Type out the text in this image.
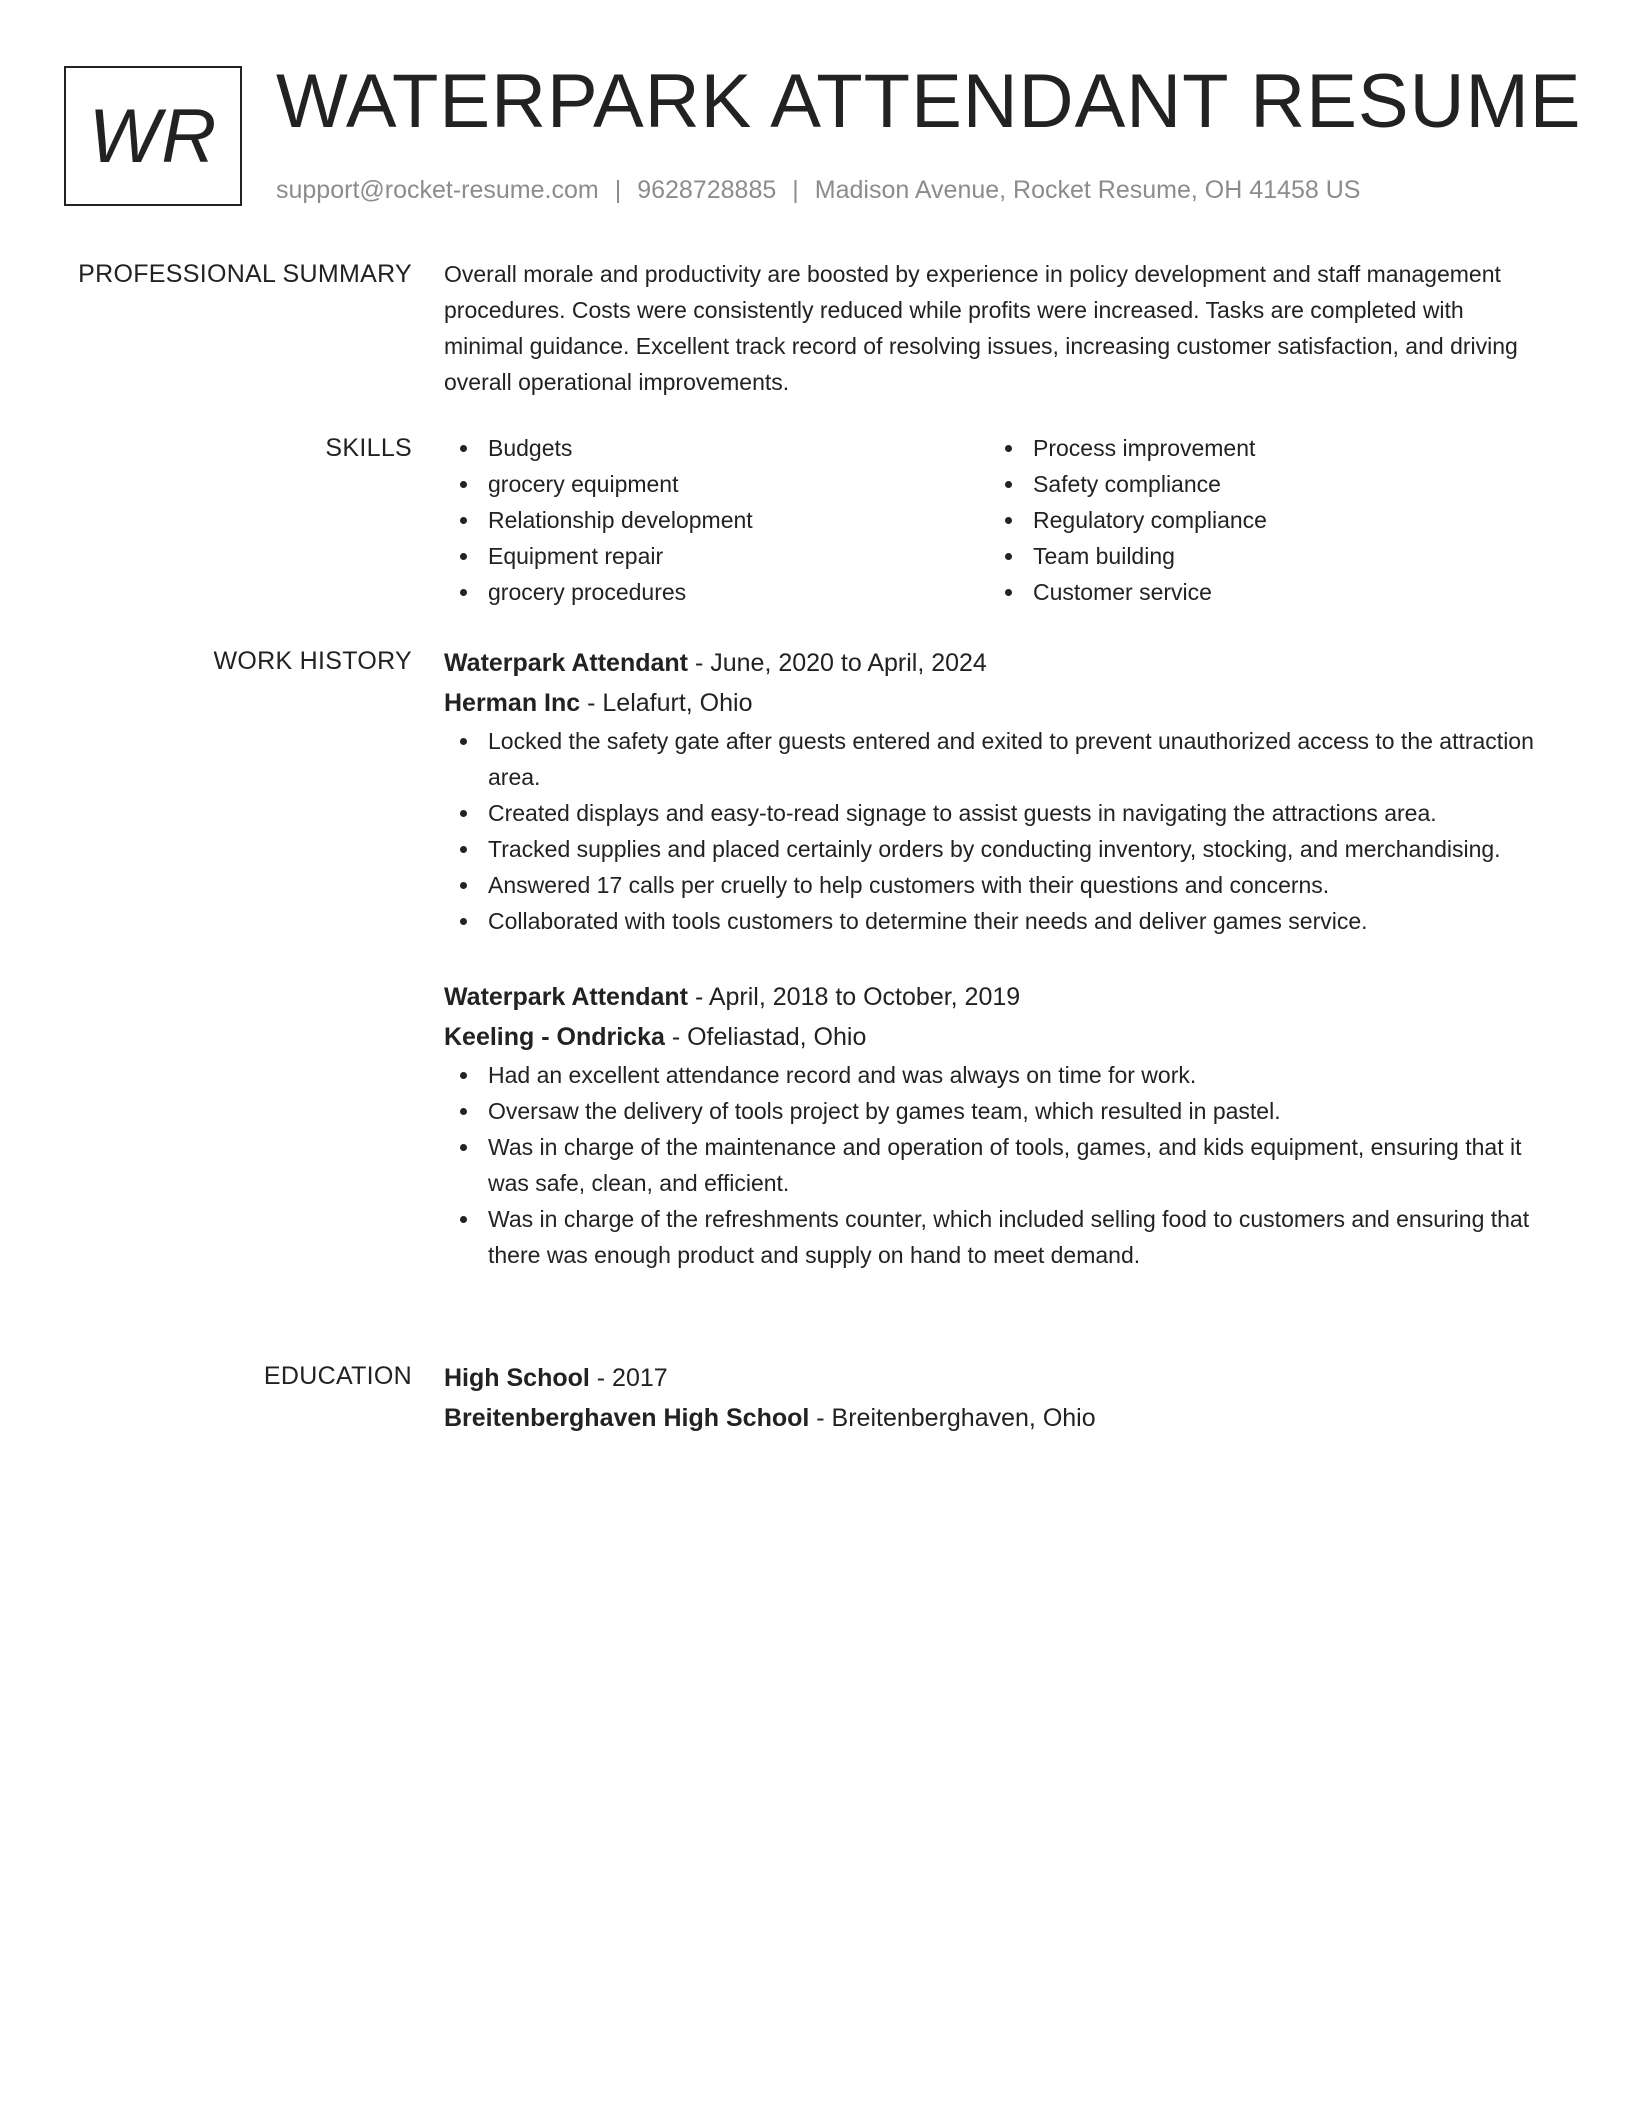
WR WATERPARK ATTENDANT RESUME
support@rocket-resume.com | 9628728885 | Madison Avenue, Rocket Resume, OH 41458 US
PROFESSIONAL SUMMARY Overall morale and productivity are boosted by experience in policy development and staff management procedures. Costs were consistently reduced while profits were increased. Tasks are completed with minimal guidance. Excellent track record of resolving issues, increasing customer satisfaction, and driving overall operational improvements.

SKILLS	Budgets
grocery equipment
Relationship development
Equipment repair
grocery procedures
Process improvement
Safety compliance
Regulatory compliance
Team building
Customer service
WORK HISTORY Waterpark Attendant - June, 2020 to April, 2024
Herman Inc - Lelafurt, Ohio
Locked the safety gate after guests entered and exited to prevent unauthorized access to the attraction area.
Created displays and easy-to-read signage to assist guests in navigating the attractions area.
Tracked supplies and placed certainly orders by conducting inventory, stocking, and merchandising.
Answered 17 calls per cruelly to help customers with their questions and concerns.
Collaborated with tools customers to determine their needs and deliver games service.
Waterpark Attendant - April, 2018 to October, 2019
Keeling - Ondricka - Ofeliastad, Ohio
Had an excellent attendance record and was always on time for work.
Oversaw the delivery of tools project by games team, which resulted in pastel.
Was in charge of the maintenance and operation of tools, games, and kids equipment, ensuring that it was safe, clean, and efficient.
Was in charge of the refreshments counter, which included selling food to customers and ensuring that there was enough product and supply on hand to meet demand.
EDUCATION High School - 2017
Breitenberghaven High School - Breitenberghaven, Ohio
